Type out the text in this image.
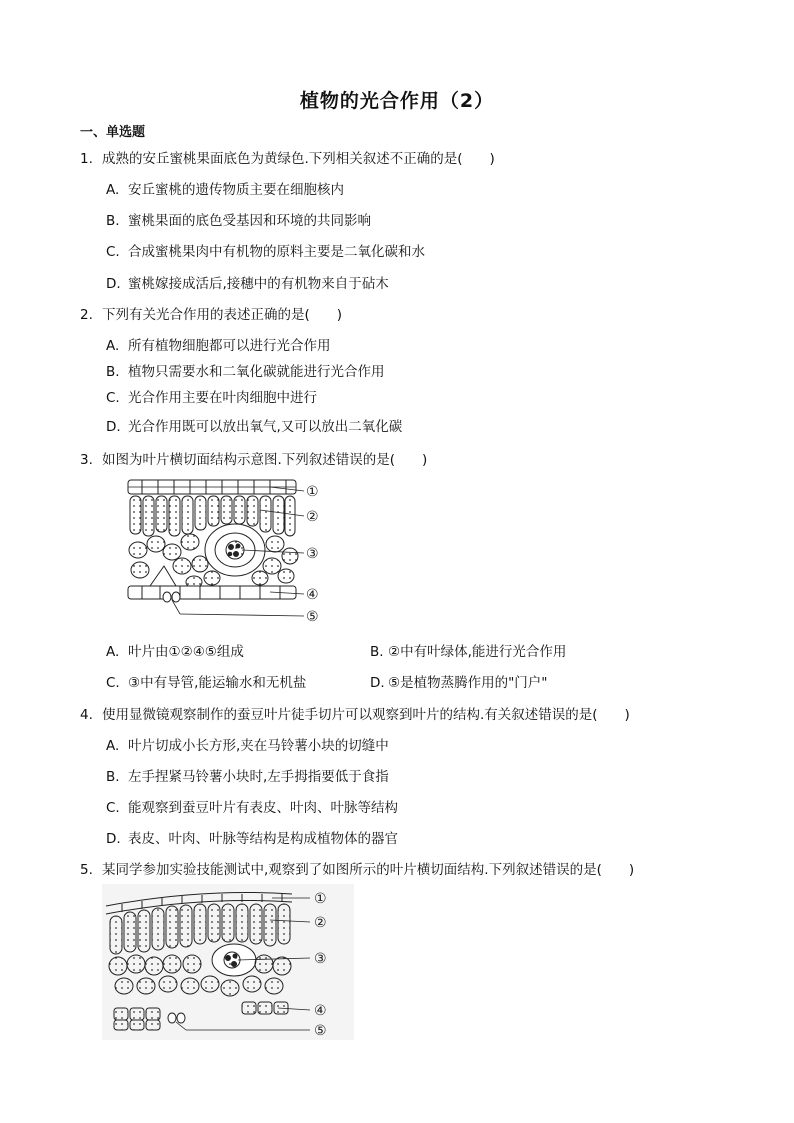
植物的光合作用（2）
一、单选题
1. 成熟的安丘蜜桃果面底色为黄绿色.下列相关叙述不正确的是(　　)
A. 安丘蜜桃的遗传物质主要在细胞核内
B. 蜜桃果面的底色受基因和环境的共同影响
C. 合成蜜桃果肉中有机物的原料主要是二氧化碳和水
D. 蜜桃嫁接成活后,接穗中的有机物来自于砧木
2. 下列有关光合作用的表述正确的是(　　)
A. 所有植物细胞都可以进行光合作用
B. 植物只需要水和二氧化碳就能进行光合作用
C. 光合作用主要在叶肉细胞中进行
D. 光合作用既可以放出氧气,又可以放出二氧化碳
3. 如图为叶片横切面结构示意图.下列叙述错误的是(　　)
①
②
③
④
⑤
A. 叶片由①②④⑤组成	B. ②中有叶绿体,能进行光合作用
C. ③中有导管,能运输水和无机盐	D. ⑤是植物蒸腾作用的"门户"
4. 使用显微镜观察制作的蚕豆叶片徒手切片可以观察到叶片的结构.有关叙述错误的是(　　)
A. 叶片切成小长方形,夹在马铃薯小块的切缝中
B. 左手捏紧马铃薯小块时,左手拇指要低于食指
C. 能观察到蚕豆叶片有表皮、叶肉、叶脉等结构
D. 表皮、叶肉、叶脉等结构是构成植物体的器官
5. 某同学参加实验技能测试中,观察到了如图所示的叶片横切面结构.下列叙述错误的是(　　)
①
②
③
④
⑤
